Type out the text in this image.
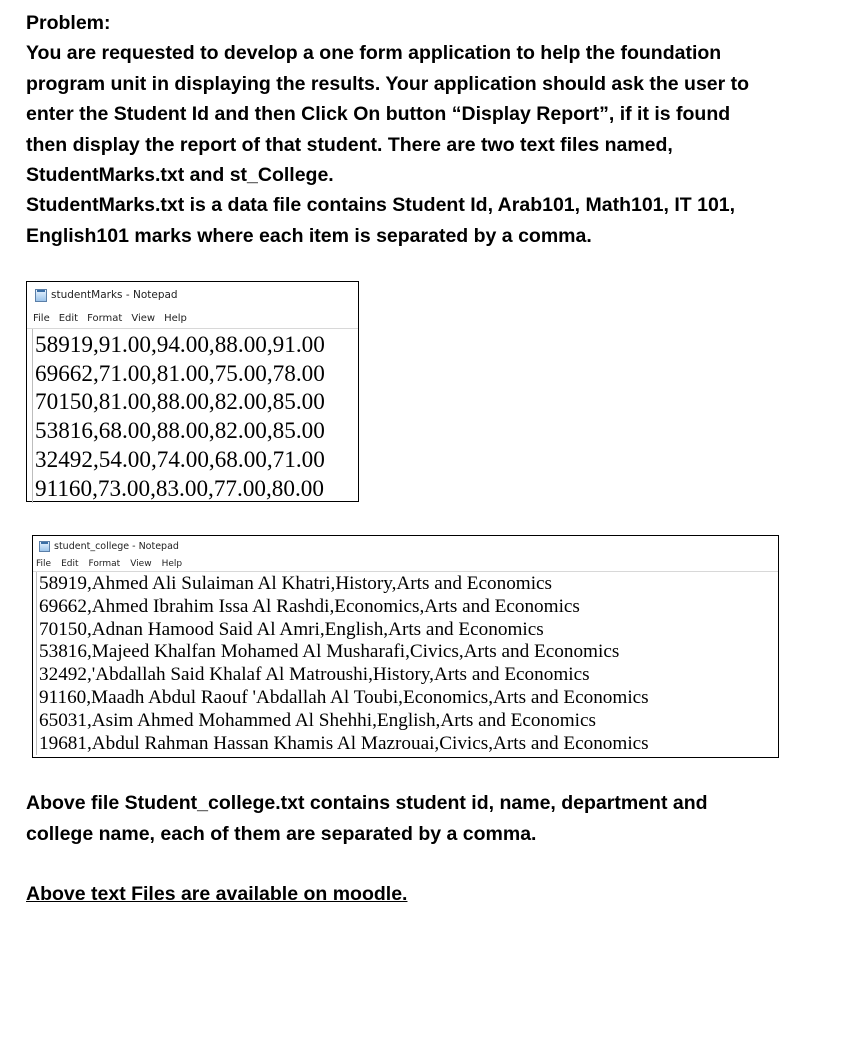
Problem:

You are requested to develop a one form application to help the foundation

program unit in displaying the results. Your application should ask the user to

enter the Student Id and then Click On button “Display Report”, if it is found

then display the report of that student. There are two text files named,

StudentMarks.txt and st_College.

StudentMarks.txt is a data file contains Student Id, Arab101, Math101, IT 101,

English101 marks where each item is separated by a comma.

studentMarks - Notepad
File Edit Format View Help
58919,91.00,94.00,88.00,91.00
69662,71.00,81.00,75.00,78.00
70150,81.00,88.00,82.00,85.00
53816,68.00,88.00,82.00,85.00
32492,54.00,74.00,68.00,71.00
91160,73.00,83.00,77.00,80.00
student_college - Notepad
File Edit Format View Help
58919,Ahmed Ali Sulaiman Al Khatri,History,Arts and Economics
69662,Ahmed Ibrahim Issa Al Rashdi,Economics,Arts and Economics
70150,Adnan Hamood Said Al Amri,English,Arts and Economics
53816,Majeed Khalfan Mohamed Al Musharafi,Civics,Arts and Economics
32492,'Abdallah Said Khalaf Al Matroushi,History,Arts and Economics
91160,Maadh Abdul Raouf 'Abdallah Al Toubi,Economics,Arts and Economics
65031,Asim Ahmed Mohammed Al Shehhi,English,Arts and Economics
19681,Abdul Rahman Hassan Khamis Al Mazrouai,Civics,Arts and Economics

Above file Student_college.txt contains student id, name, department and

college name, each of them are separated by a comma.

Above text Files are available on moodle.
